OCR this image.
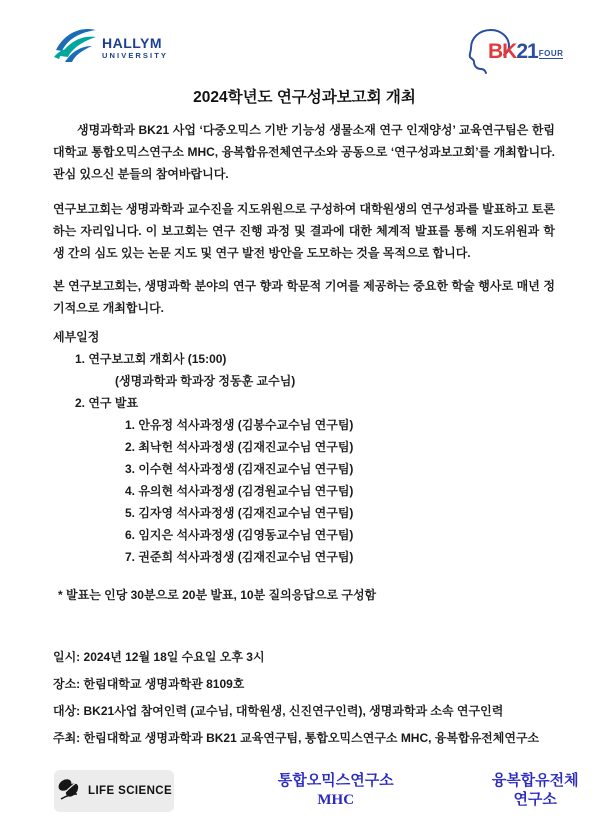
HALLYM
UNIVERSITY	BK21FOUR
2024학년도 연구성과보고회 개최
생명과학과 BK21 사업 ‘다중오믹스 기반 기능성 생물소재 연구 인재양성’ 교육연구팀은 한림대학교 통합오믹스연구소 MHC, 융복합유전체연구소와 공동으로 ‘연구성과보고회’를 개최합니다. 관심 있으신 분들의 참여바랍니다.
연구보고회는 생명과학과 교수진을 지도위원으로 구성하여 대학원생의 연구성과를 발표하고 토론하는 자리입니다. 이 보고회는 연구 진행 과정 및 결과에 대한 체계적 발표를 통해 지도위원과 학생 간의 심도 있는 논문 지도 및 연구 발전 방안을 도모하는 것을 목적으로 합니다.
본 연구보고회는, 생명과학 분야의 연구 향과 학문적 기여를 제공하는 중요한 학술 행사로 매년 정기적으로 개최합니다.
세부일정
1. 연구보고회 개회사 (15:00)
(생명과학과 학과장 정동훈 교수님)
2. 연구 발표
1. 안유정 석사과정생 (김봉수교수님 연구팀)
2. 최낙헌 석사과정생 (김재진교수님 연구팀)
3. 이수현 석사과정생 (김재진교수님 연구팀)
4. 유의현 석사과정생 (김경원교수님 연구팀)
5. 김자영 석사과정생 (김재진교수님 연구팀)
6. 임지은 석사과정생 (김영동교수님 연구팀)
7. 권준희 석사과정생 (김재진교수님 연구팀)
* 발표는 인당 30분으로 20분 발표, 10분 질의응답으로 구성함
일시: 2024년 12월 18일 수요일 오후 3시
장소: 한림대학교 생명과학관 8109호
대상: BK21사업 참여인력 (교수님, 대학원생, 신진연구인력), 생명과학과 소속 연구인력
주최: 한림대학교 생명과학과 BK21 교육연구팀, 통합오믹스연구소 MHC, 융복합유전체연구소
LIFE SCIENCE
통합오믹스연구소
MHC
융복합유전체
연구소
